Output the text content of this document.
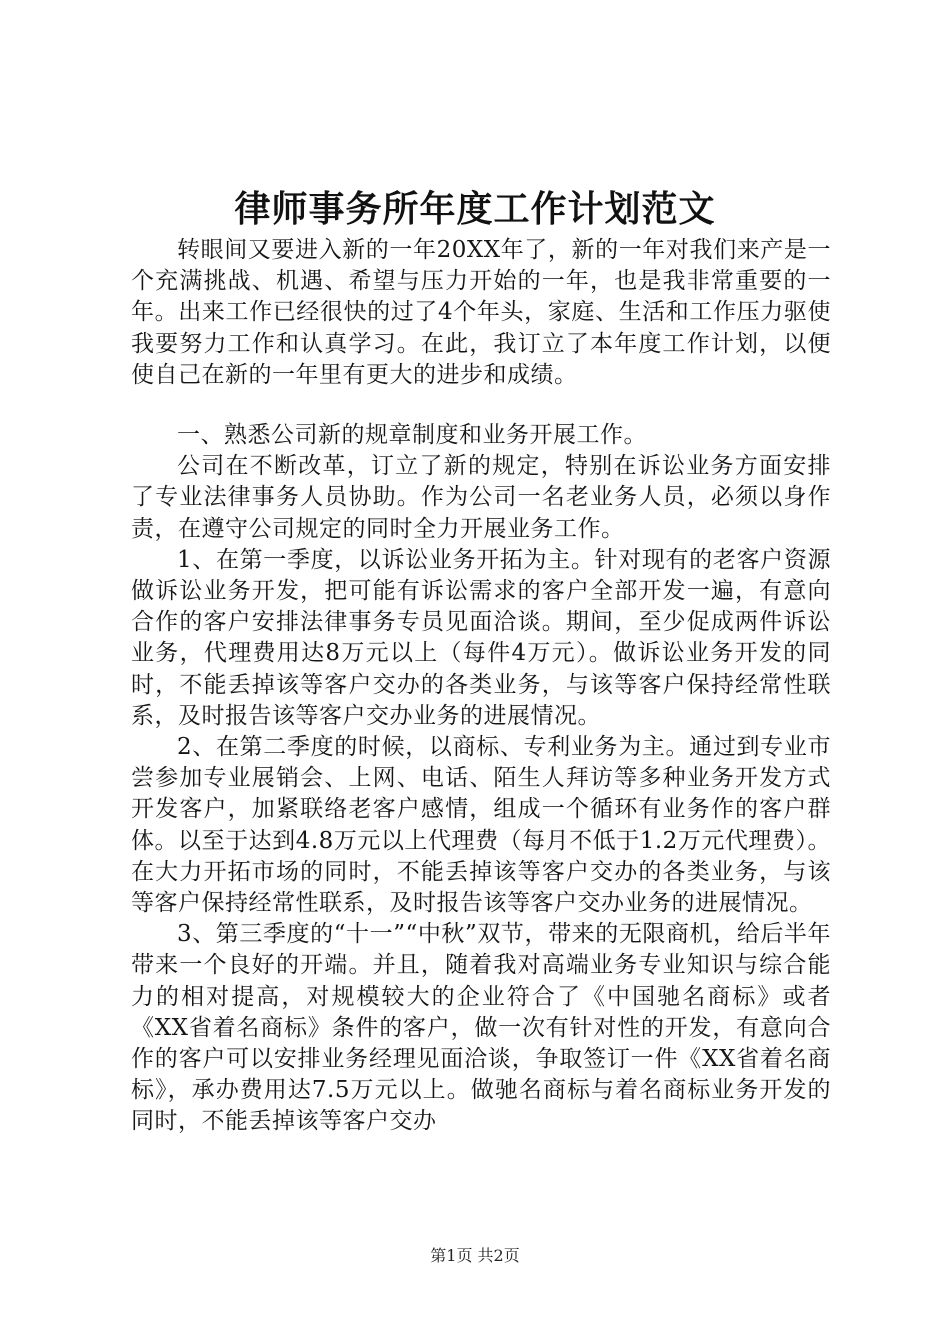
律师事务所年度工作计划范文

转眼间又要进入新的一年20XX年了，新的一年对我们来产是一个充满挑战、机遇、希望与压力开始的一年，也是我非常重要的一年。出来工作已经很快的过了4个年头，家庭、生活和工作压力驱使我要努力工作和认真学习。在此，我订立了本年度工作计划，以便使自己在新的一年里有更大的进步和成绩。

一、熟悉公司新的规章制度和业务开展工作。

公司在不断改革，订立了新的规定，特别在诉讼业务方面安排了专业法律事务人员协助。作为公司一名老业务人员，必须以身作责，在遵守公司规定的同时全力开展业务工作。

1、在第一季度，以诉讼业务开拓为主。针对现有的老客户资源做诉讼业务开发，把可能有诉讼需求的客户全部开发一遍，有意向合作的客户安排法律事务专员见面洽谈。期间，至少促成两件诉讼业务，代理费用达8万元以上（每件4万元）。做诉讼业务开发的同时，不能丢掉该等客户交办的各类业务，与该等客户保持经常性联系，及时报告该等客户交办业务的进展情况。

2、在第二季度的时候，以商标、专利业务为主。通过到专业市尝参加专业展销会、上网、电话、陌生人拜访等多种业务开发方式开发客户，加紧联络老客户感情，组成一个循环有业务作的客户群体。以至于达到4.8万元以上代理费（每月不低于1.2万元代理费）。在大力开拓市场的同时，不能丢掉该等客户交办的各类业务，与该等客户保持经常性联系，及时报告该等客户交办业务的进展情况。

3、第三季度的“十一”“中秋”双节，带来的无限商机，给后半年带来一个良好的开端。并且，随着我对高端业务专业知识与综合能力的相对提高，对规模较大的企业符合了《中国驰名商标》或者《XX省着名商标》条件的客户，做一次有针对性的开发，有意向合作的客户可以安排业务经理见面洽谈，争取签订一件《XX省着名商标》，承办费用达7.5万元以上。做驰名商标与着名商标业务开发的同时，不能丢掉该等客户交办

第1页 共2页
